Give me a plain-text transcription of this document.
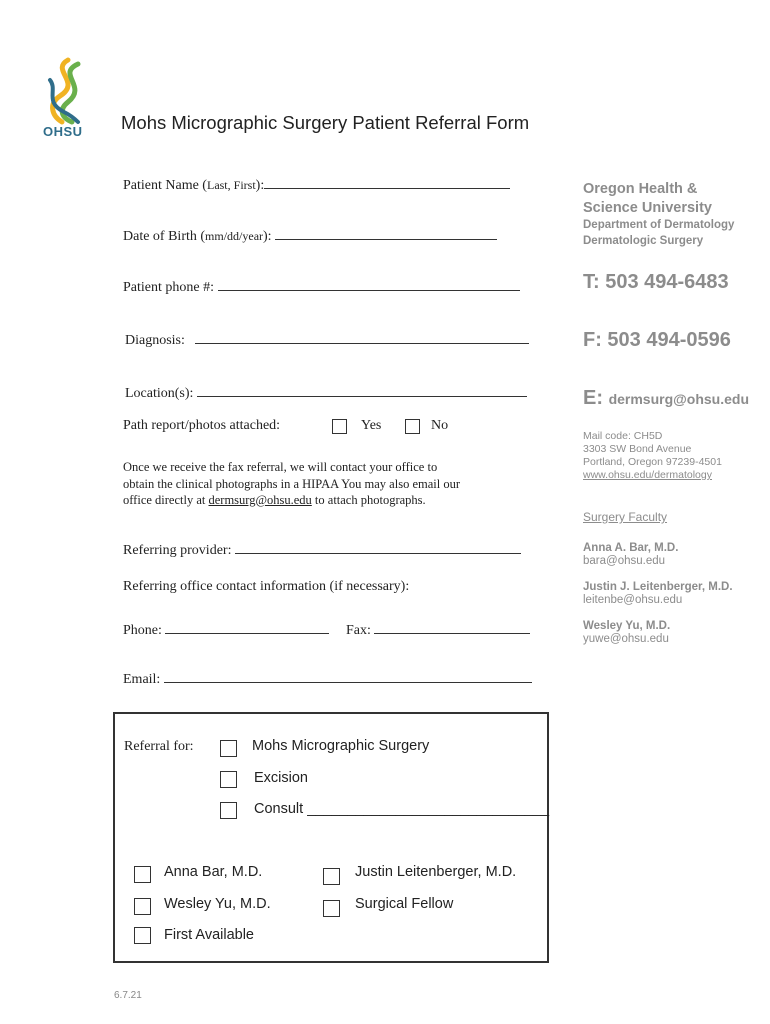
OHSU Mohs Micrographic Surgery Patient Referral Form
Patient Name (Last, First):
Date of Birth (mm/dd/year):
Patient phone #:
Diagnosis:
Location(s):
Path report/photos attached:	Yes	No
Once we receive the fax referral, we will contact your office to
obtain the clinical photographs in a HIPAA You may also email our
office directly at dermsurg@ohsu.edu to attach photographs.
Referring provider:
Referring office contact information (if necessary):
Phone:	Fax:
Email:
Referral for:	Mohs Micrographic Surgery
Excision
Consult ______________________________
Anna Bar, M.D.	Justin Leitenberger, M.D.
Wesley Yu, M.D.	Surgical Fellow
First Available
Oregon Health &
Science University
Department of Dermatology
Dermatologic Surgery
T: 503 494-6483
F: 503 494-0596
E: dermsurg@ohsu.edu
Mail code: CH5D
3303 SW Bond Avenue
Portland, Oregon 97239-4501
www.ohsu.edu/dermatology
Surgery Faculty
Anna A. Bar, M.D.
bara@ohsu.edu
Justin J. Leitenberger, M.D.
leitenbe@ohsu.edu
Wesley Yu, M.D.
yuwe@ohsu.edu
6.7.21
